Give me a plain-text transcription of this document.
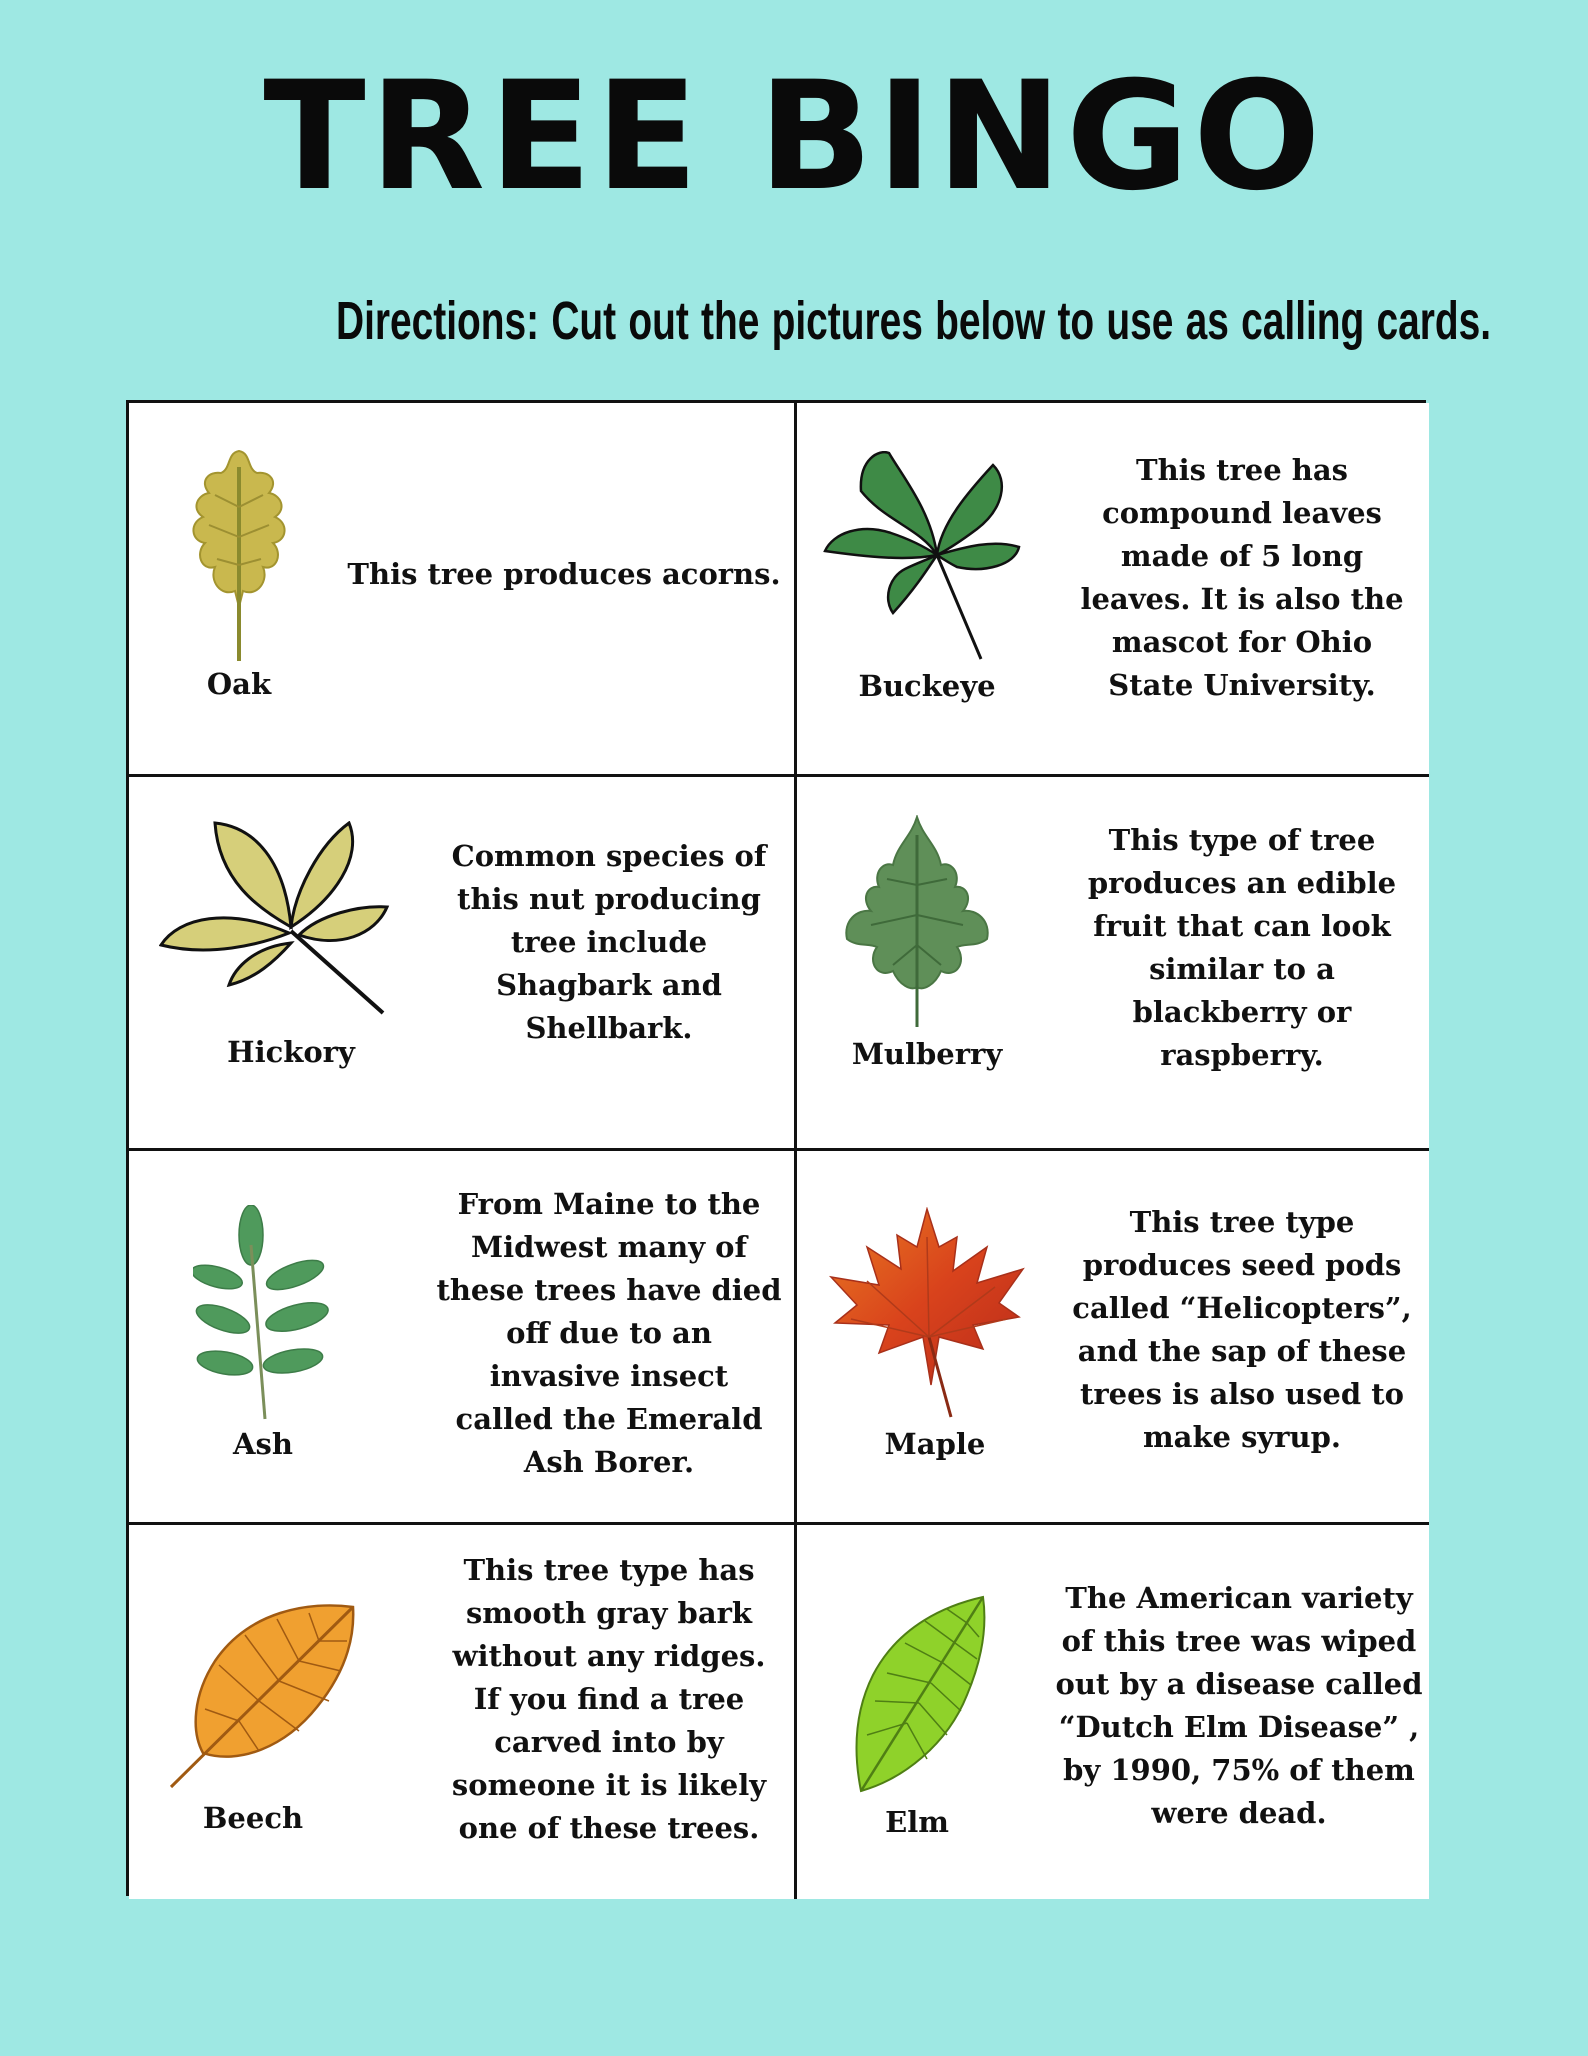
TREE BINGO
Directions: Cut out the pictures below to use as calling cards.
Oak
This tree produces acorns.
Buckeye
This tree has
compound leaves
made of 5 long
leaves. It is also the
mascot for Ohio
State University.
Hickory
Common species of
this nut producing
tree include
Shagbark and
Shellbark.
Mulberry
This type of tree
produces an edible
fruit that can look
similar to a
blackberry or
raspberry.
Ash
From Maine to the
Midwest many of
these trees have died
off due to an
invasive insect
called the Emerald
Ash Borer.
Maple
This tree type
produces seed pods
called “Helicopters”,
and the sap of these
trees is also used to
make syrup.
Beech
This tree type has
smooth gray bark
without any ridges.
If you find a tree
carved into by
someone it is likely
one of these trees.	Elm
The American variety
of this tree was wiped
out by a disease called
“Dutch Elm Disease” ,
by 1990, 75% of them
were dead.
